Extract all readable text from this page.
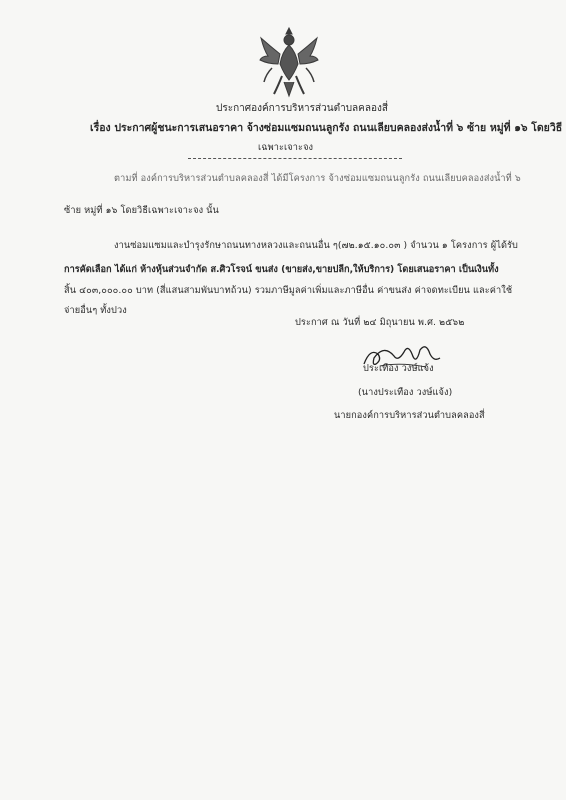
ประกาศองค์การบริหารส่วนตำบลคลองสี่
เรื่อง ประกาศผู้ชนะการเสนอราคา จ้างซ่อมแซมถนนลูกรัง ถนนเลียบคลองส่งน้ำที่ ๖ ซ้าย หมู่ที่ ๑๖ โดยวิธี
เฉพาะเจาะจง
ตามที่ องค์การบริหารส่วนตำบลคลองสี่ ได้มีโครงการ จ้างซ่อมแซมถนนลูกรัง ถนนเลียบคลองส่งน้ำที่ ๖
ซ้าย หมู่ที่ ๑๖ โดยวิธีเฉพาะเจาะจง นั้น
งานซ่อมแซมและบำรุงรักษาถนนทางหลวงและถนนอื่น ๆ(๗๒.๑๕.๑๐.๐๓ ) จำนวน ๑ โครงการ ผู้ได้รับ
การคัดเลือก ได้แก่ ห้างหุ้นส่วนจำกัด ส.ศิวโรจน์ ขนส่ง (ขายส่ง,ขายปลีก,ให้บริการ) โดยเสนอราคา เป็นเงินทั้ง
สิ้น ๔๐๓,๐๐๐.๐๐ บาท (สี่แสนสามพันบาทถ้วน) รวมภาษีมูลค่าเพิ่มและภาษีอื่น ค่าขนส่ง ค่าจดทะเบียน และค่าใช้
จ่ายอื่นๆ ทั้งปวง
ประกาศ ณ วันที่ ๒๔ มิถุนายน พ.ศ. ๒๕๖๒
ประเทือง วงษ์แจ้ง
(นางประเทือง วงษ์แจ้ง)
นายกองค์การบริหารส่วนตำบลคลองสี่
